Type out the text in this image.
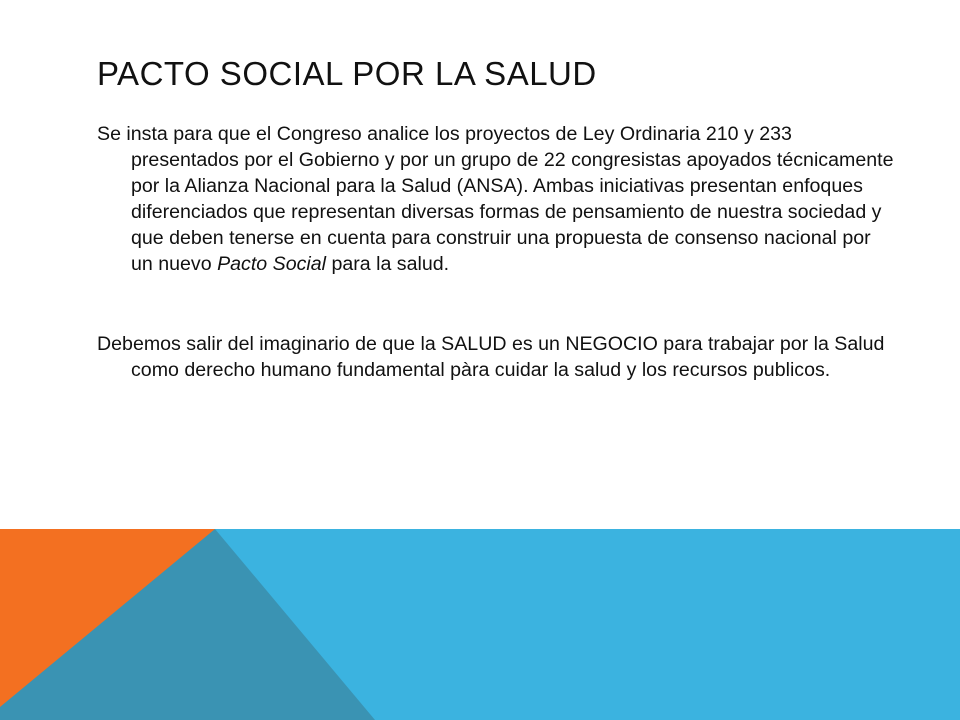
PACTO SOCIAL POR LA SALUD

Se insta para que el Congreso analice los proyectos de Ley Ordinaria 210 y 233 presentados por el Gobierno y por un grupo de 22 congresistas apoyados técnicamente por la Alianza Nacional para la Salud (ANSA). Ambas iniciativas presentan enfoques diferenciados que representan diversas formas de pensamiento de nuestra sociedad y que deben tenerse en cuenta para construir una propuesta de consenso nacional por un nuevo Pacto Social para la salud.

Debemos salir del imaginario de que la SALUD es un NEGOCIO para trabajar por la Salud como derecho humano fundamental pàra cuidar la salud y los recursos publicos.
